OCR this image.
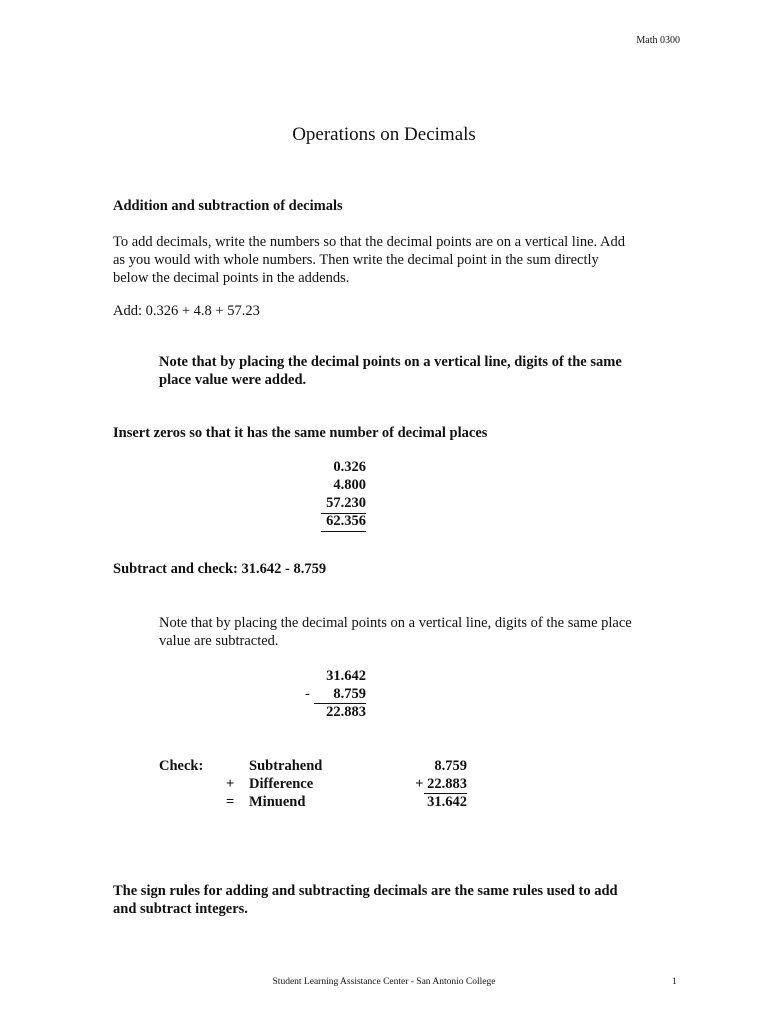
Math 0300
Operations on Decimals
Addition and subtraction of decimals
To add decimals, write the numbers so that the decimal points are on a vertical line. Add
as you would with whole numbers. Then write the decimal point in the sum directly
below the decimal points in the addends.
Add: 0.326 + 4.8 + 57.23
Note that by placing the decimal points on a vertical line, digits of the same
place value were added.
Insert zeros so that it has the same number of decimal places
0.326
4.800
57.230
62.356
Subtract and check: 31.642 - 8.759
Note that by placing the decimal points on a vertical line, digits of the same place
value are subtracted.
31.642
-	8.759
22.883
Check:	Subtrahend	8.759
+ Difference	+ 22.883
= Minuend	31.642
The sign rules for adding and subtracting decimals are the same rules used to add
and subtract integers.
Student Learning Assistance Center - San Antonio College	1
